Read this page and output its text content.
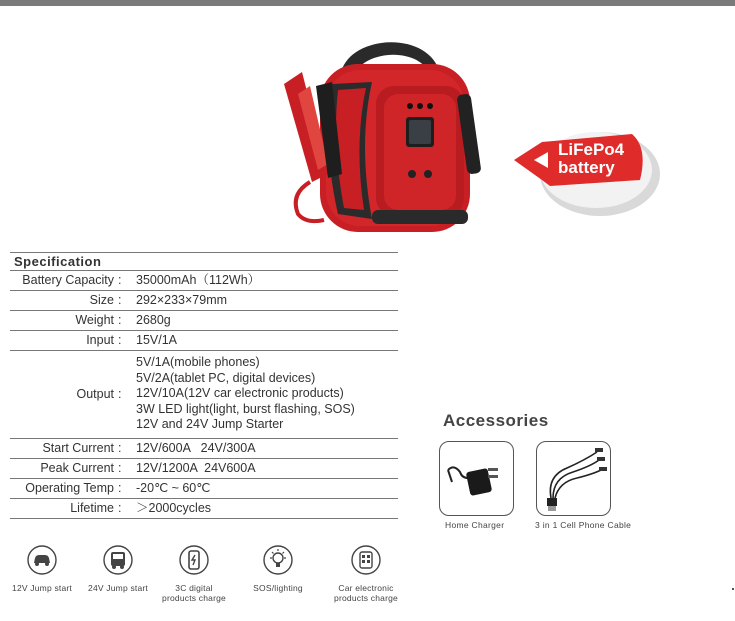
LiFePo4
battery
Specification
Battery Capacity :	35000mAh（112Wh）
Size :	292×233×79mm
Weight :	2680g
Input :	15V/1A
Output :
5V/1A(mobile phones)
5V/2A(tablet PC, digital devices)
12V/10A(12V car electronic products)
3W LED light(light, burst flashing, SOS)
12V and 24V Jump Starter
Start Current :	12V/600A   24V/300A
Peak Current :	12V/1200A  24V600A
Operating Temp :	-20℃ ~ 60℃
Lifetime :	＞2000cycles
Accessories
Home Charger	3 in 1 Cell Phone Cable
12V Jump start	24V Jump start	3C digital
products charge
SOS/lighting	Car electronic
products charge
